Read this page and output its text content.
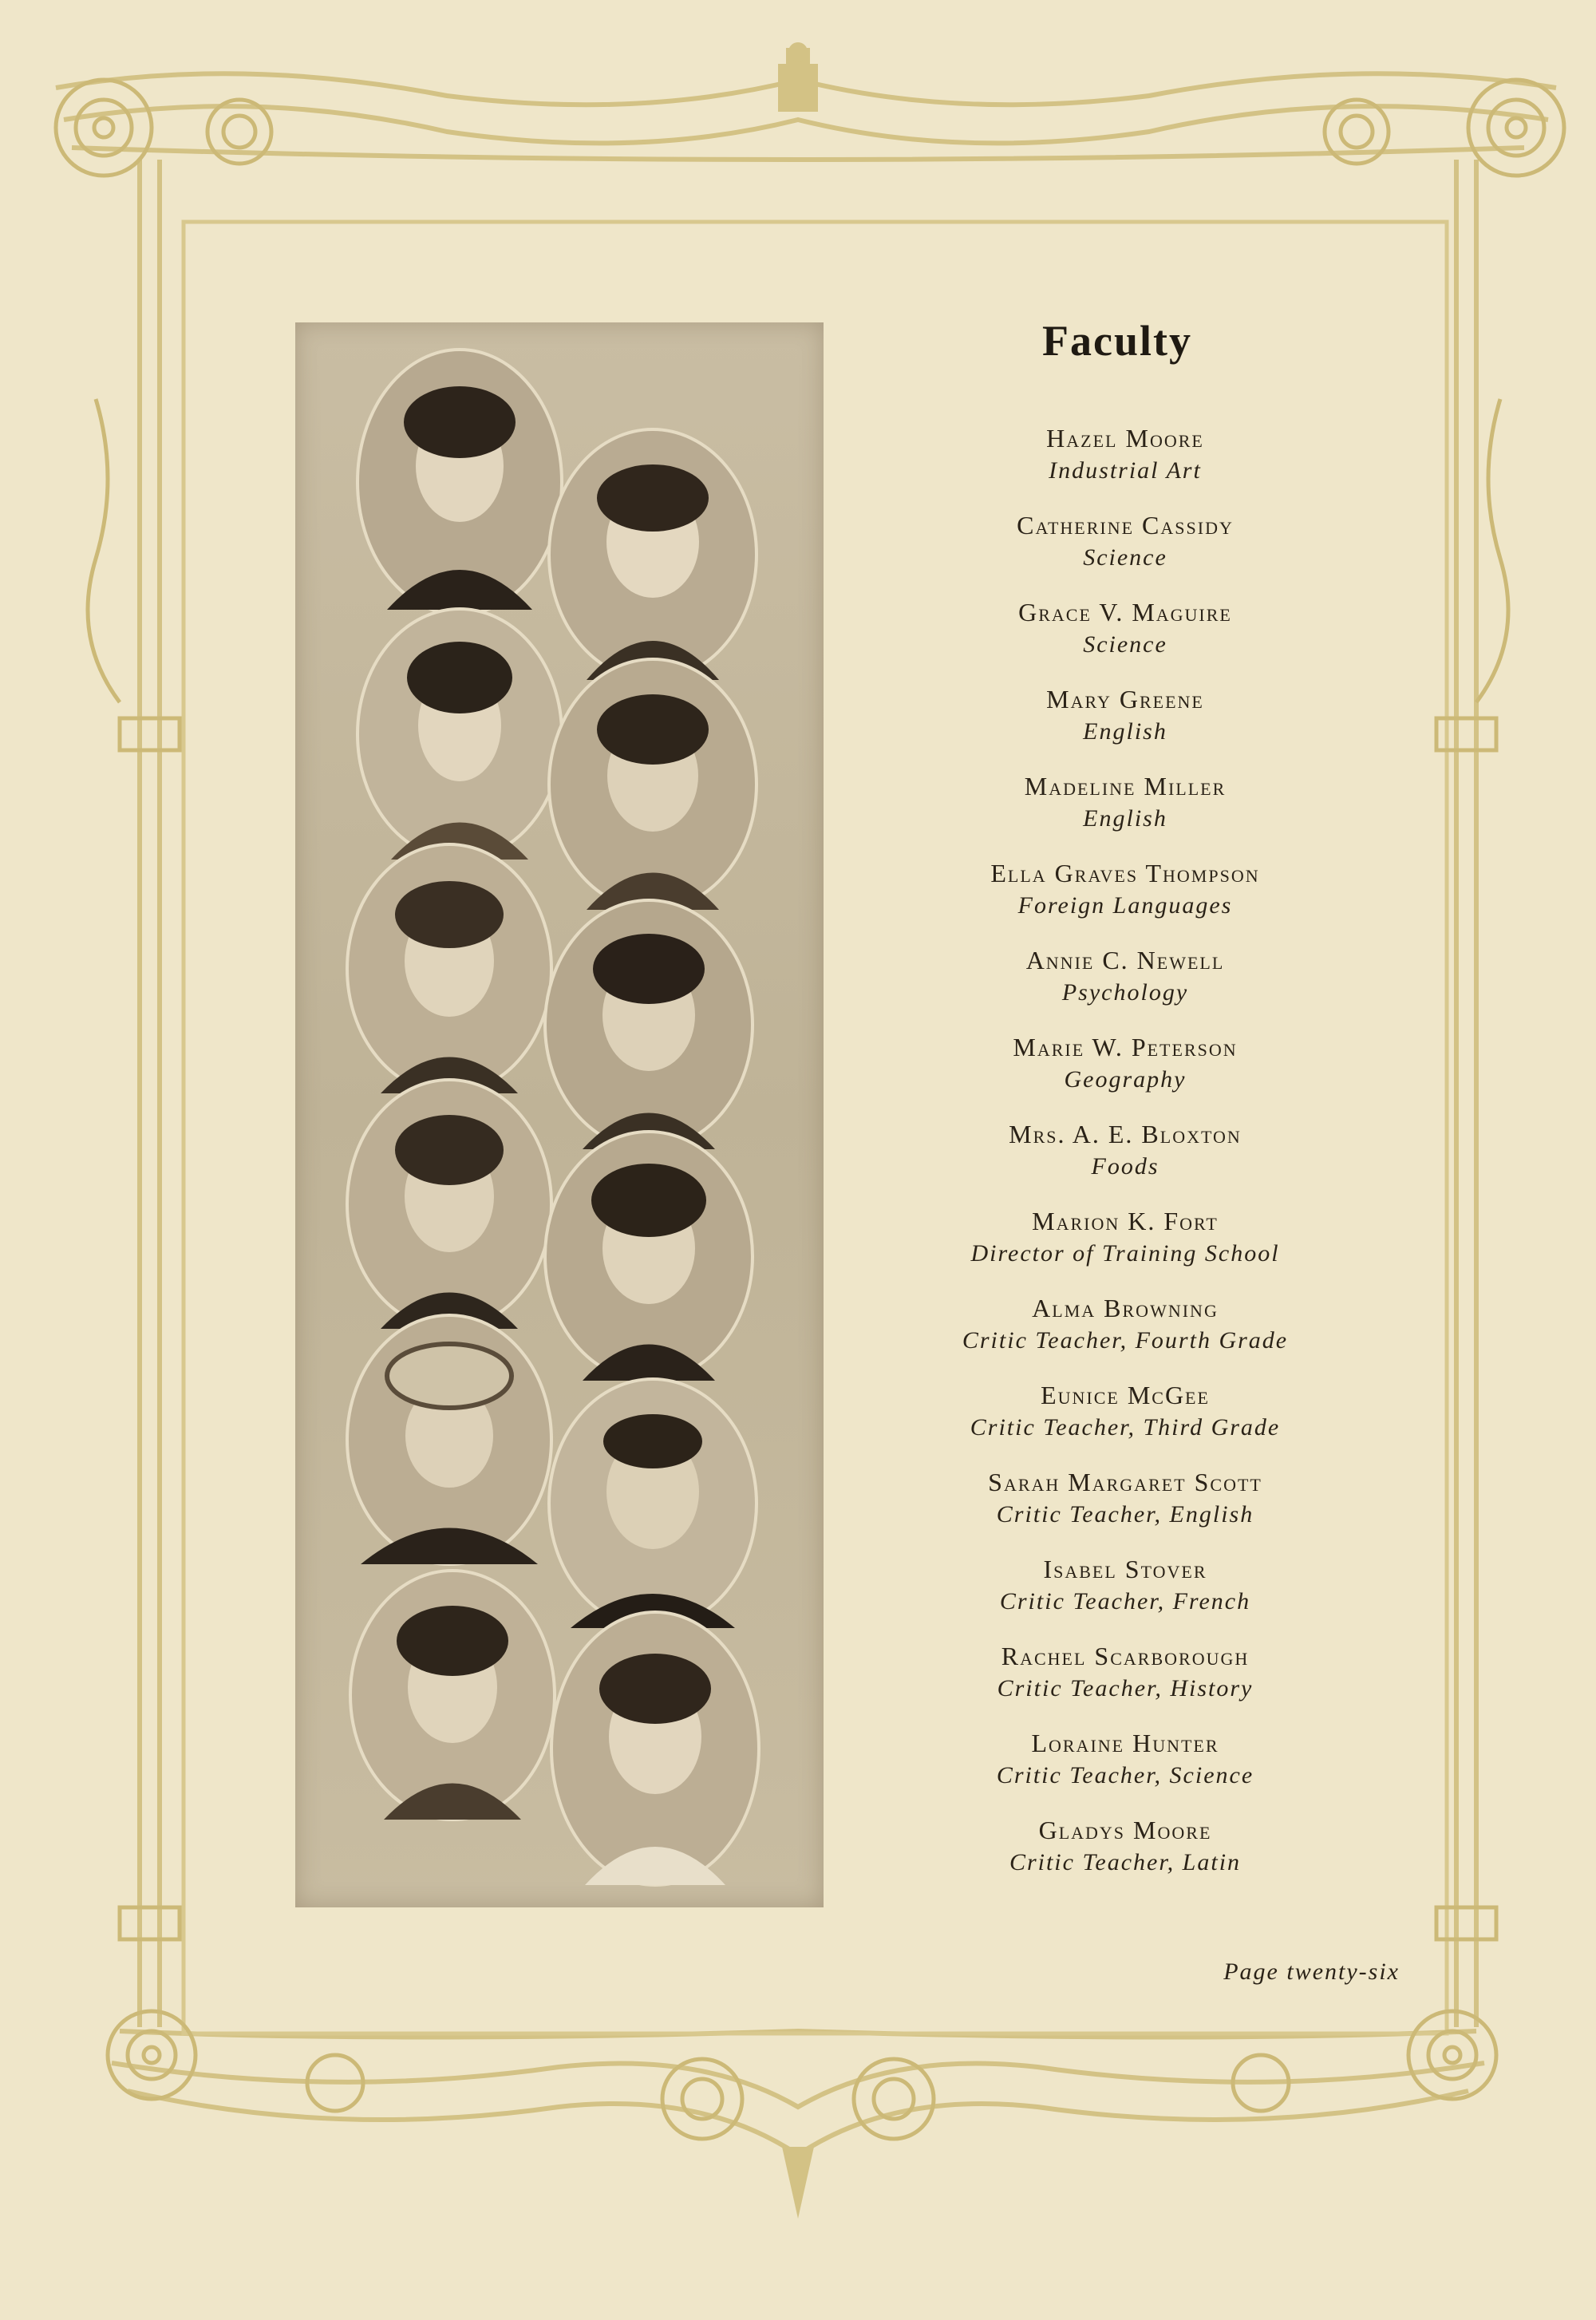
Faculty
Hazel Moore
Industrial Art
Catherine Cassidy
Science
Grace V. Maguire
Science
Mary Greene
English
Madeline Miller
English
Ella Graves Thompson
Foreign Languages
Annie C. Newell
Psychology
Marie W. Peterson
Geography
Mrs. A. E. Bloxton
Foods
Marion K. Fort
Director of Training School
Alma Browning
Critic Teacher, Fourth Grade
Eunice McGee
Critic Teacher, Third Grade
Sarah Margaret Scott
Critic Teacher, English
Isabel Stover
Critic Teacher, French
Rachel Scarborough
Critic Teacher, History
Loraine Hunter
Critic Teacher, Science
Gladys Moore
Critic Teacher, Latin
Page twenty-six
